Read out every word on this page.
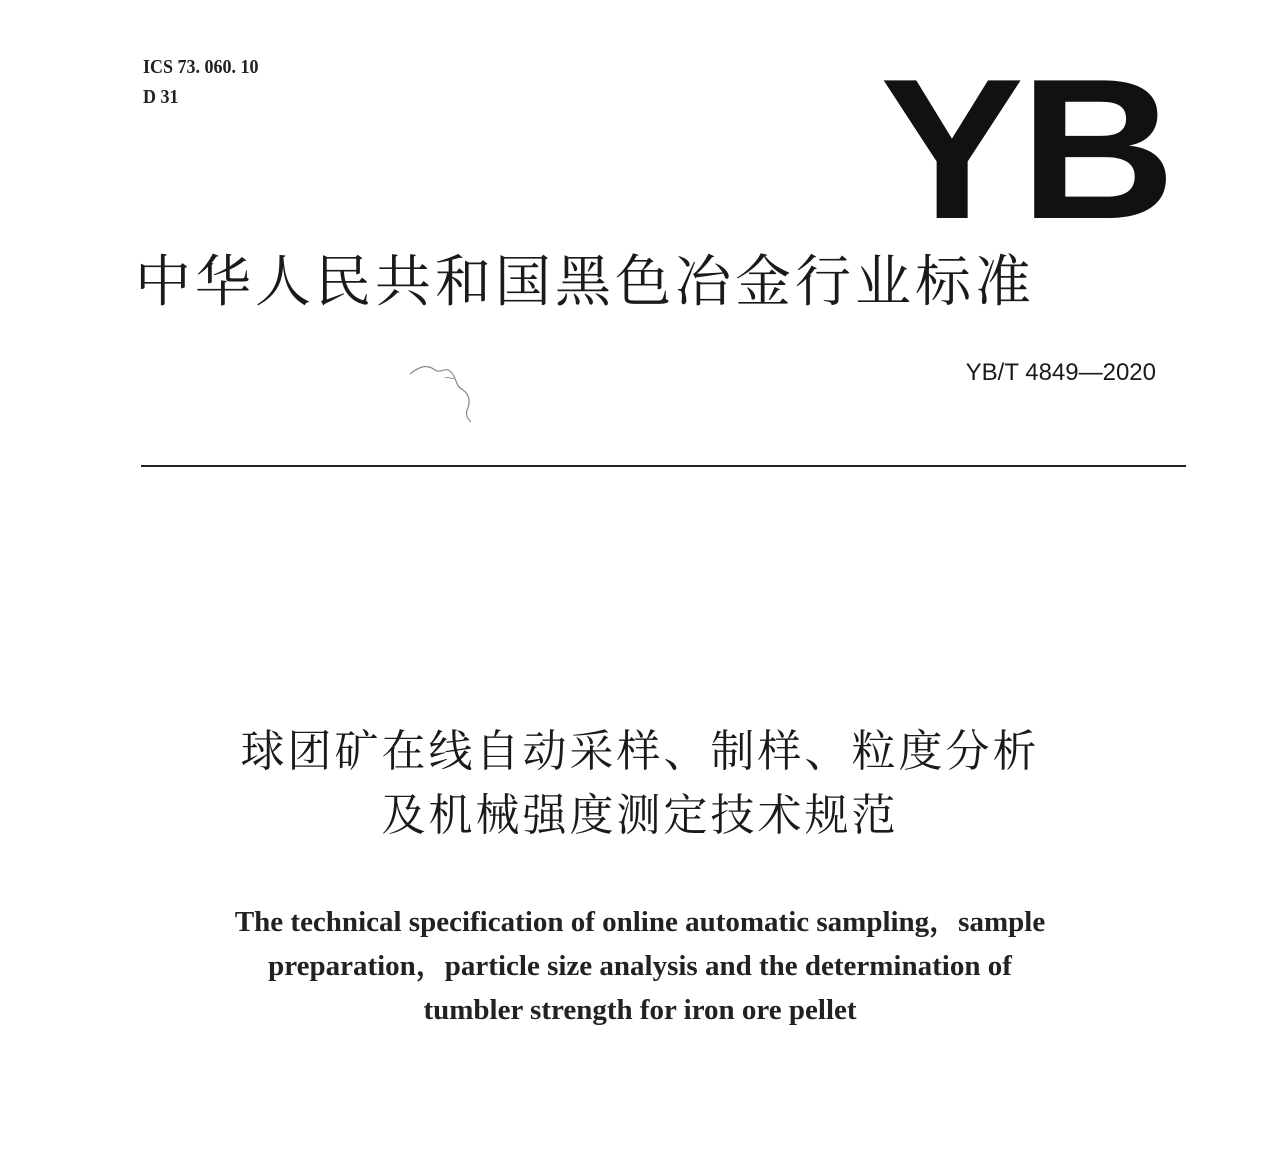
ICS 73. 060. 10
D 31	YB
中华人民共和国黑色冶金行业标准
YB/T 4849—2020
球团矿在线自动采样、制样、粒度分析
及机械强度测定技术规范
The technical specification of online automatic sampling，sample
preparation，particle size analysis and the determination of
tumbler strength for iron ore pellet
